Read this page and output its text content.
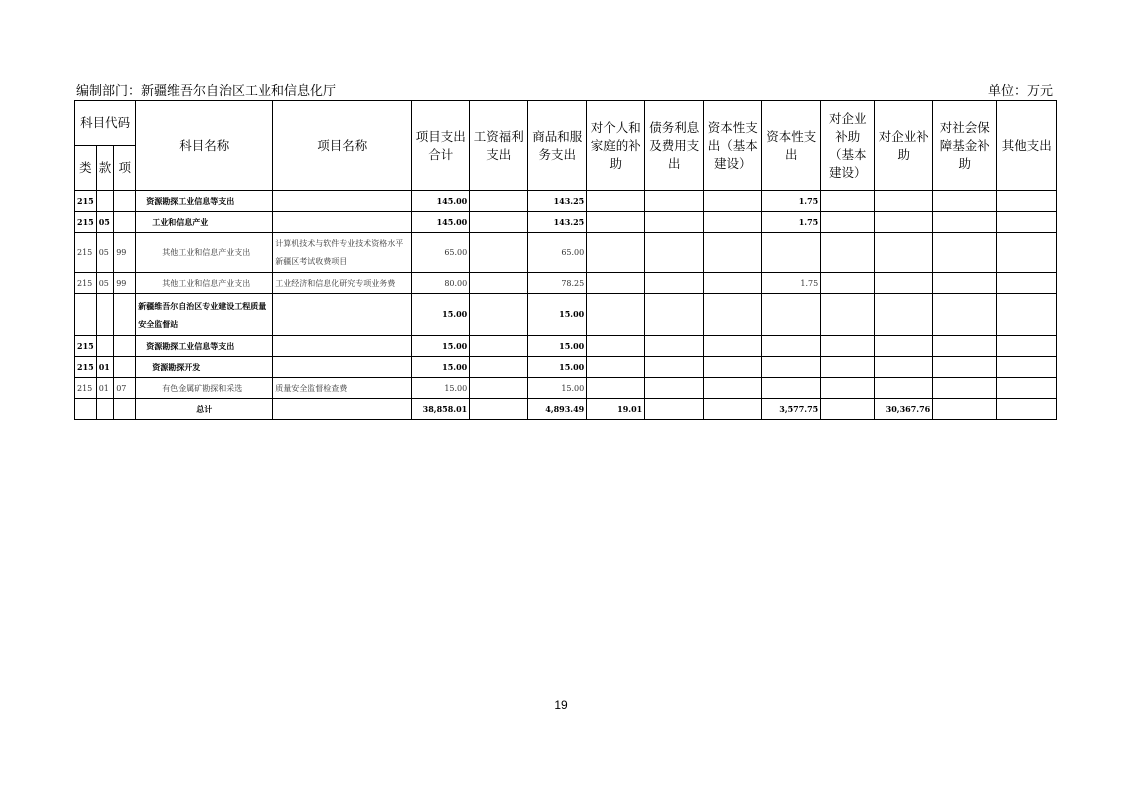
编制部门：新疆维吾尔自治区工业和信息化厅	单位：万元
科目代码			科目名称	项目名称	项目支出合计	工资福利支出	商品和服务支出	对个人和家庭的补助	债务利息及费用支出	资本性支出（基本建设）	资本性支出	对企业补助（基本建设）	对企业补助	对社会保障基金补助	其他支出
类	款	项													
215			资源勘探工业信息等支出		145.00		143.25				1.75				
215	05		工业和信息产业		145.00		143.25				1.75				
215	05	99	其他工业和信息产业支出	计算机技术与软件专业技术资格水平新疆区考试收费项目	65.00		65.00								
215	05	99	其他工业和信息产业支出	工业经济和信息化研究专项业务费	80.00		78.25				1.75				
			新疆维吾尔自治区专业建设工程质量安全监督站		15.00		15.00								
215			资源勘探工业信息等支出		15.00		15.00								
215	01		资源勘探开发		15.00		15.00								
215	01	07	有色金属矿勘探和采选	质量安全监督检查费	15.00		15.00								
			总计		38,858.01		4,893.49	19.01			3,577.75		30,367.76		
19
